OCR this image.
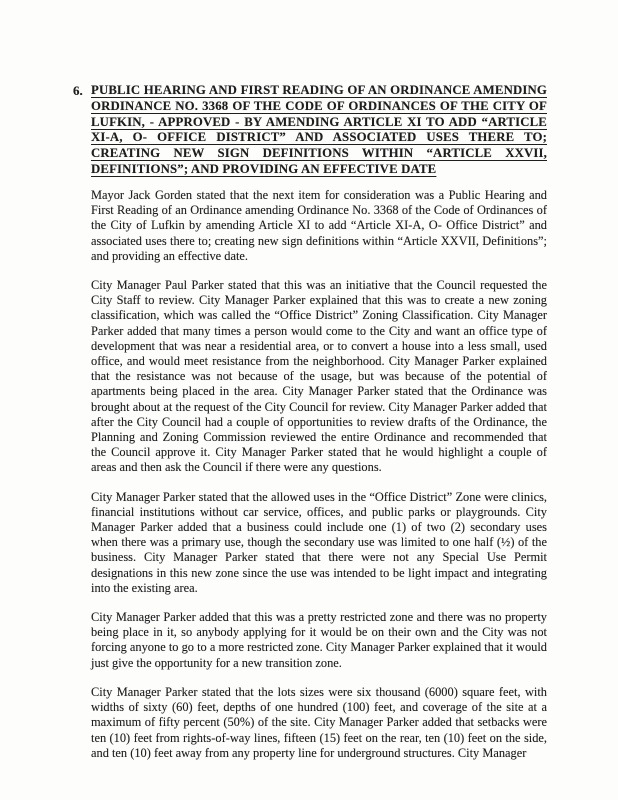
6. PUBLIC HEARING AND FIRST READING OF AN ORDINANCE AMENDING ORDINANCE NO. 3368 OF THE CODE OF ORDINANCES OF THE CITY OF LUFKIN, - APPROVED - BY AMENDING ARTICLE XI TO ADD “ARTICLE XI-A, O- OFFICE DISTRICT” AND ASSOCIATED USES THERE TO; CREATING NEW SIGN DEFINITIONS WITHIN “ARTICLE XXVII, DEFINITIONS”; AND PROVIDING AN EFFECTIVE DATE

Mayor Jack Gorden stated that the next item for consideration was a Public Hearing and First Reading of an Ordinance amending Ordinance No. 3368 of the Code of Ordinances of the City of Lufkin by amending Article XI to add “Article XI-A, O- Office District” and associated uses there to; creating new sign definitions within “Article XXVII, Definitions”; and providing an effective date.

City Manager Paul Parker stated that this was an initiative that the Council requested the City Staff to review. City Manager Parker explained that this was to create a new zoning classification, which was called the “Office District” Zoning Classification. City Manager Parker added that many times a person would come to the City and want an office type of development that was near a residential area, or to convert a house into a less small, used office, and would meet resistance from the neighborhood. City Manager Parker explained that the resistance was not because of the usage, but was because of the potential of apartments being placed in the area. City Manager Parker stated that the Ordinance was brought about at the request of the City Council for review. City Manager Parker added that after the City Council had a couple of opportunities to review drafts of the Ordinance, the Planning and Zoning Commission reviewed the entire Ordinance and recommended that the Council approve it. City Manager Parker stated that he would highlight a couple of areas and then ask the Council if there were any questions.

City Manager Parker stated that the allowed uses in the “Office District” Zone were clinics, financial institutions without car service, offices, and public parks or playgrounds. City Manager Parker added that a business could include one (1) of two (2) secondary uses when there was a primary use, though the secondary use was limited to one half (½) of the business. City Manager Parker stated that there were not any Special Use Permit designations in this new zone since the use was intended to be light impact and integrating into the existing area.

City Manager Parker added that this was a pretty restricted zone and there was no property being place in it, so anybody applying for it would be on their own and the City was not forcing anyone to go to a more restricted zone. City Manager Parker explained that it would just give the opportunity for a new transition zone.

City Manager Parker stated that the lots sizes were six thousand (6000) square feet, with widths of sixty (60) feet, depths of one hundred (100) feet, and coverage of the site at a maximum of fifty percent (50%) of the site. City Manager Parker added that setbacks were ten (10) feet from rights-of-way lines, fifteen (15) feet on the rear, ten (10) feet on the side, and ten (10) feet away from any property line for underground structures. City Manager
